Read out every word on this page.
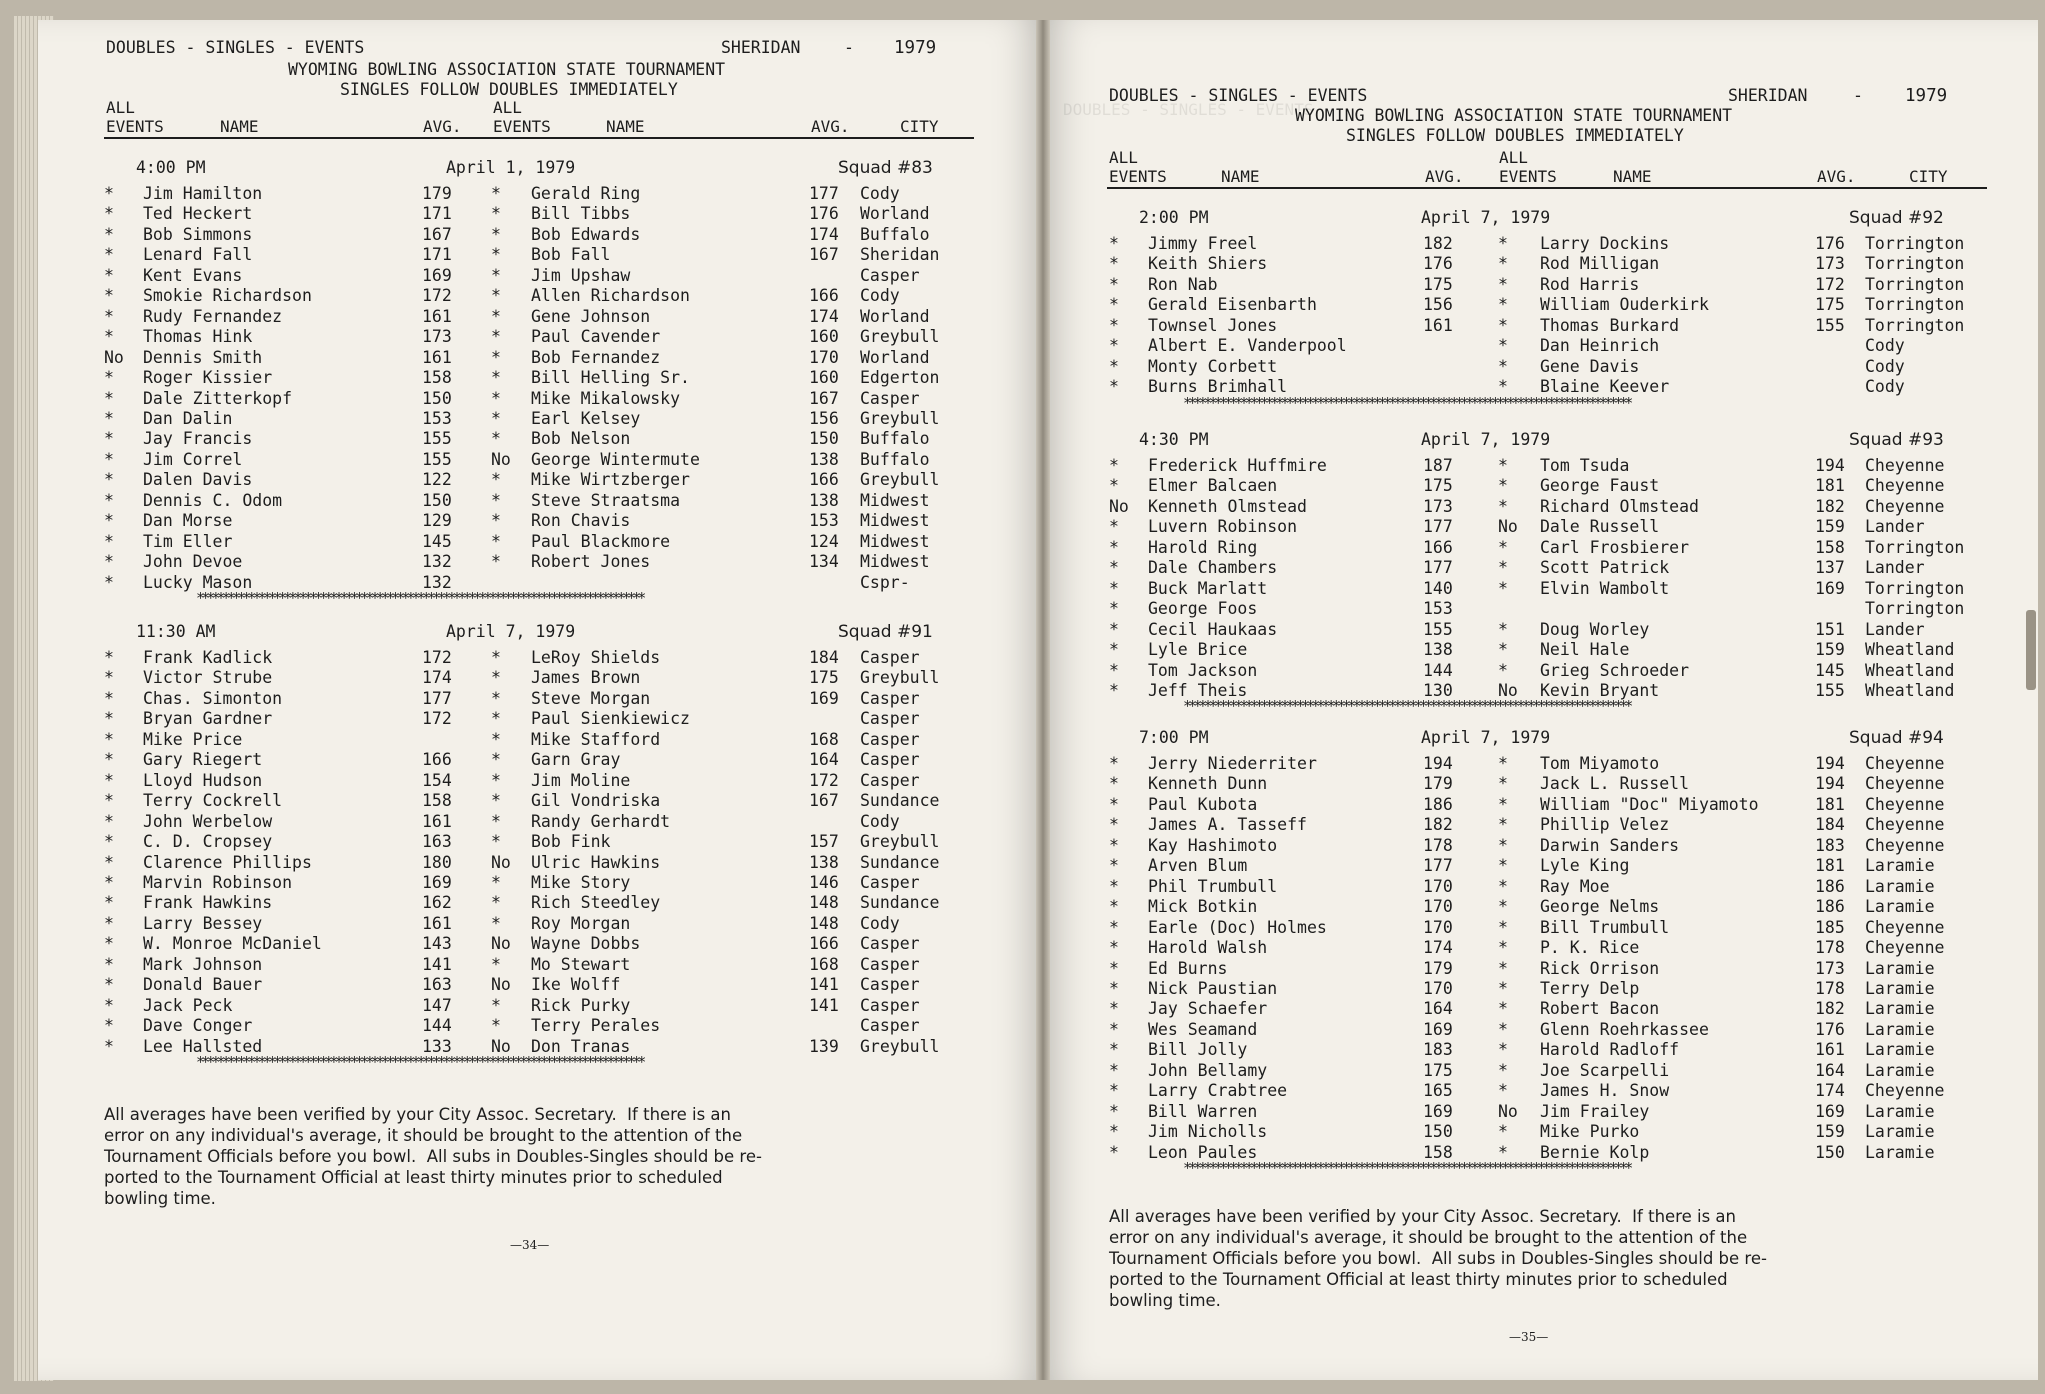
DOUBLES - SINGLES - EVENTS	SHERIDAN	- 1979
WYOMING BOWLING ASSOCIATION STATE TOURNAMENT
SINGLES FOLLOW DOUBLES IMMEDIATELY
ALL
EVENTS	NAME	AVG.
ALL
EVENTS	NAME	AVG.	CITY
—34—
4:00 PM	April 1, 1979	Squad #83
* Jim Hamilton	179 * Gerald Ring	177 Cody
* Ted Heckert	171 * Bill Tibbs	176 Worland
* Bob Simmons	167 * Bob Edwards	174 Buffalo
* Lenard Fall	171 * Bob Fall	167 Sheridan
* Kent Evans	169 * Jim Upshaw	Casper
* Smokie Richardson	172 * Allen Richardson	166 Cody
* Rudy Fernandez	161 * Gene Johnson	174 Worland
* Thomas Hink	173 * Paul Cavender	160 Greybull
No Dennis Smith	161 * Bob Fernandez	170 Worland
* Roger Kissier	158 * Bill Helling Sr.	160 Edgerton
* Dale Zitterkopf	150 * Mike Mikalowsky	167 Casper
* Dan Dalin	153 * Earl Kelsey	156 Greybull
* Jay Francis	155 * Bob Nelson	150 Buffalo
* Jim Correl	155 No George Wintermute	138 Buffalo
* Dalen Davis	122 * Mike Wirtzberger	166 Greybull
* Dennis C. Odom	150 * Steve Straatsma	138 Midwest
* Dan Morse	129 * Ron Chavis	153 Midwest
* Tim Eller	145 * Paul Blackmore	124 Midwest
* John Devoe	132 * Robert Jones	134 Midwest
* Lucky Mason	132	Cspr-
***************************************************************************************
11:30 AM	April 7, 1979	Squad #91
* Frank Kadlick	172 * LeRoy Shields	184 Casper
* Victor Strube	174 * James Brown	175 Greybull
* Chas. Simonton	177 * Steve Morgan	169 Casper
* Bryan Gardner	172 * Paul Sienkiewicz	Casper
* Mike Price	* Mike Stafford	168 Casper
* Gary Riegert	166 * Garn Gray	164 Casper
* Lloyd Hudson	154 * Jim Moline	172 Casper
* Terry Cockrell	158 * Gil Vondriska	167 Sundance
* John Werbelow	161 * Randy Gerhardt	Cody
* C. D. Cropsey	163 * Bob Fink	157 Greybull
* Clarence Phillips	180 No Ulric Hawkins	138 Sundance
* Marvin Robinson	169 * Mike Story	146 Casper
* Frank Hawkins	162 * Rich Steedley	148 Sundance
* Larry Bessey	161 * Roy Morgan	148 Cody
* W. Monroe McDaniel	143 No Wayne Dobbs	166 Casper
* Mark Johnson	141 * Mo Stewart	168 Casper
* Donald Bauer	163 No Ike Wolff	141 Casper
* Jack Peck	147 * Rick Purky	141 Casper
* Dave Conger	144 * Terry Perales	Casper
* Lee Hallsted	133 No Don Tranas	139 Greybull
***************************************************************************************
All averages have been verified by your City Assoc. Secretary.  If there is an
error on any individual's average, it should be brought to the attention of the
Tournament Officials before you bowl.  All subs in Doubles-Singles should be re-
ported to the Tournament Official at least thirty minutes prior to scheduled
bowling time.
DOUBLES - SINGLES - EVENTS
DOUBLES - SINGLES - EVENTS	SHERIDAN	- 1979
WYOMING BOWLING ASSOCIATION STATE TOURNAMENT
SINGLES FOLLOW DOUBLES IMMEDIATELY
ALL
EVENTS	NAME	AVG.
ALL
EVENTS	NAME	AVG.	CITY
—35—
2:00 PM	April 7, 1979	Squad #92
* Jimmy Freel	182	* Larry Dockins	176 Torrington
* Keith Shiers	176	* Rod Milligan	173 Torrington
* Ron Nab	175	* Rod Harris	172 Torrington
* Gerald Eisenbarth	156	* William Ouderkirk	175 Torrington
* Townsel Jones	161	* Thomas Burkard	155 Torrington
* Albert E. Vanderpool	* Dan Heinrich	Cody
* Monty Corbett	* Gene Davis	Cody
* Burns Brimhall	* Blaine Keever	Cody
***************************************************************************************
4:30 PM	April 7, 1979	Squad #93
* Frederick Huffmire	187	* Tom Tsuda	194 Cheyenne
* Elmer Balcaen	175	* George Faust	181 Cheyenne
No Kenneth Olmstead	173	* Richard Olmstead	182 Cheyenne
* Luvern Robinson	177	No Dale Russell	159 Lander
* Harold Ring	166	* Carl Frosbierer	158 Torrington
* Dale Chambers	177	* Scott Patrick	137 Lander
* Buck Marlatt	140	* Elvin Wambolt	169 Torrington
* George Foos	153	Torrington
* Cecil Haukaas	155	* Doug Worley	151 Lander
* Lyle Brice	138	* Neil Hale	159 Wheatland
* Tom Jackson	144	* Grieg Schroeder	145 Wheatland
* Jeff Theis	130	No Kevin Bryant	155 Wheatland
***************************************************************************************
7:00 PM	April 7, 1979	Squad #94
* Jerry Niederriter	194	* Tom Miyamoto	194 Cheyenne
* Kenneth Dunn	179	* Jack L. Russell	194 Cheyenne
* Paul Kubota	186	* William "Doc" Miyamoto	181 Cheyenne
* James A. Tasseff	182	* Phillip Velez	184 Cheyenne
* Kay Hashimoto	178	* Darwin Sanders	183 Cheyenne
* Arven Blum	177	* Lyle King	181 Laramie
* Phil Trumbull	170	* Ray Moe	186 Laramie
* Mick Botkin	170	* George Nelms	186 Laramie
* Earle (Doc) Holmes	170	* Bill Trumbull	185 Cheyenne
* Harold Walsh	174	* P. K. Rice	178 Cheyenne
* Ed Burns	179	* Rick Orrison	173 Laramie
* Nick Paustian	170	* Terry Delp	178 Laramie
* Jay Schaefer	164	* Robert Bacon	182 Laramie
* Wes Seamand	169	* Glenn Roehrkassee	176 Laramie
* Bill Jolly	183	* Harold Radloff	161 Laramie
* John Bellamy	175	* Joe Scarpelli	164 Laramie
* Larry Crabtree	165	* James H. Snow	174 Cheyenne
* Bill Warren	169	No Jim Frailey	169 Laramie
* Jim Nicholls	150	* Mike Purko	159 Laramie
* Leon Paules	158	* Bernie Kolp	150 Laramie
***************************************************************************************
All averages have been verified by your City Assoc. Secretary.  If there is an
error on any individual's average, it should be brought to the attention of the
Tournament Officials before you bowl.  All subs in Doubles-Singles should be re-
ported to the Tournament Official at least thirty minutes prior to scheduled
bowling time.
